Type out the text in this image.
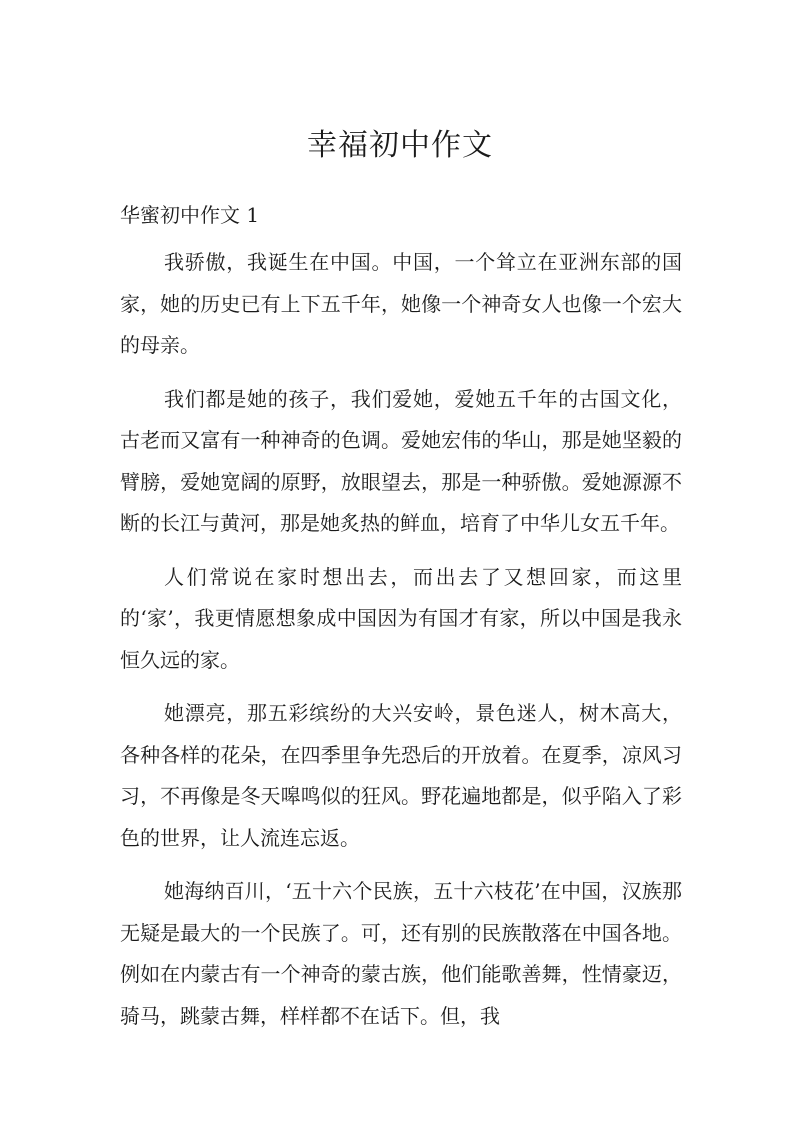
幸福初中作文

华蜜初中作文 1

我骄傲，我诞生在中国。中国，一个耸立在亚洲东部的国家，她的历史已有上下五千年，她像一个神奇女人也像一个宏大的母亲。

我们都是她的孩子，我们爱她，爱她五千年的古国文化，古老而又富有一种神奇的色调。爱她宏伟的华山，那是她坚毅的臂膀，爱她宽阔的原野，放眼望去，那是一种骄傲。爱她源源不断的长江与黄河，那是她炙热的鲜血，培育了中华儿女五千年。

人们常说在家时想出去，而出去了又想回家，而这里的‘家’，我更情愿想象成中国因为有国才有家，所以中国是我永恒久远的家。

她漂亮，那五彩缤纷的大兴安岭，景色迷人，树木高大，各种各样的花朵，在四季里争先恐后的开放着。在夏季，凉风习习，不再像是冬天嗥鸣似的狂风。野花遍地都是，似乎陷入了彩色的世界，让人流连忘返。

她海纳百川，‘五十六个民族，五十六枝花’在中国，汉族那无疑是最大的一个民族了。可，还有别的民族散落在中国各地。例如在内蒙古有一个神奇的蒙古族，他们能歌善舞，性情豪迈，骑马，跳蒙古舞，样样都不在话下。但，我
